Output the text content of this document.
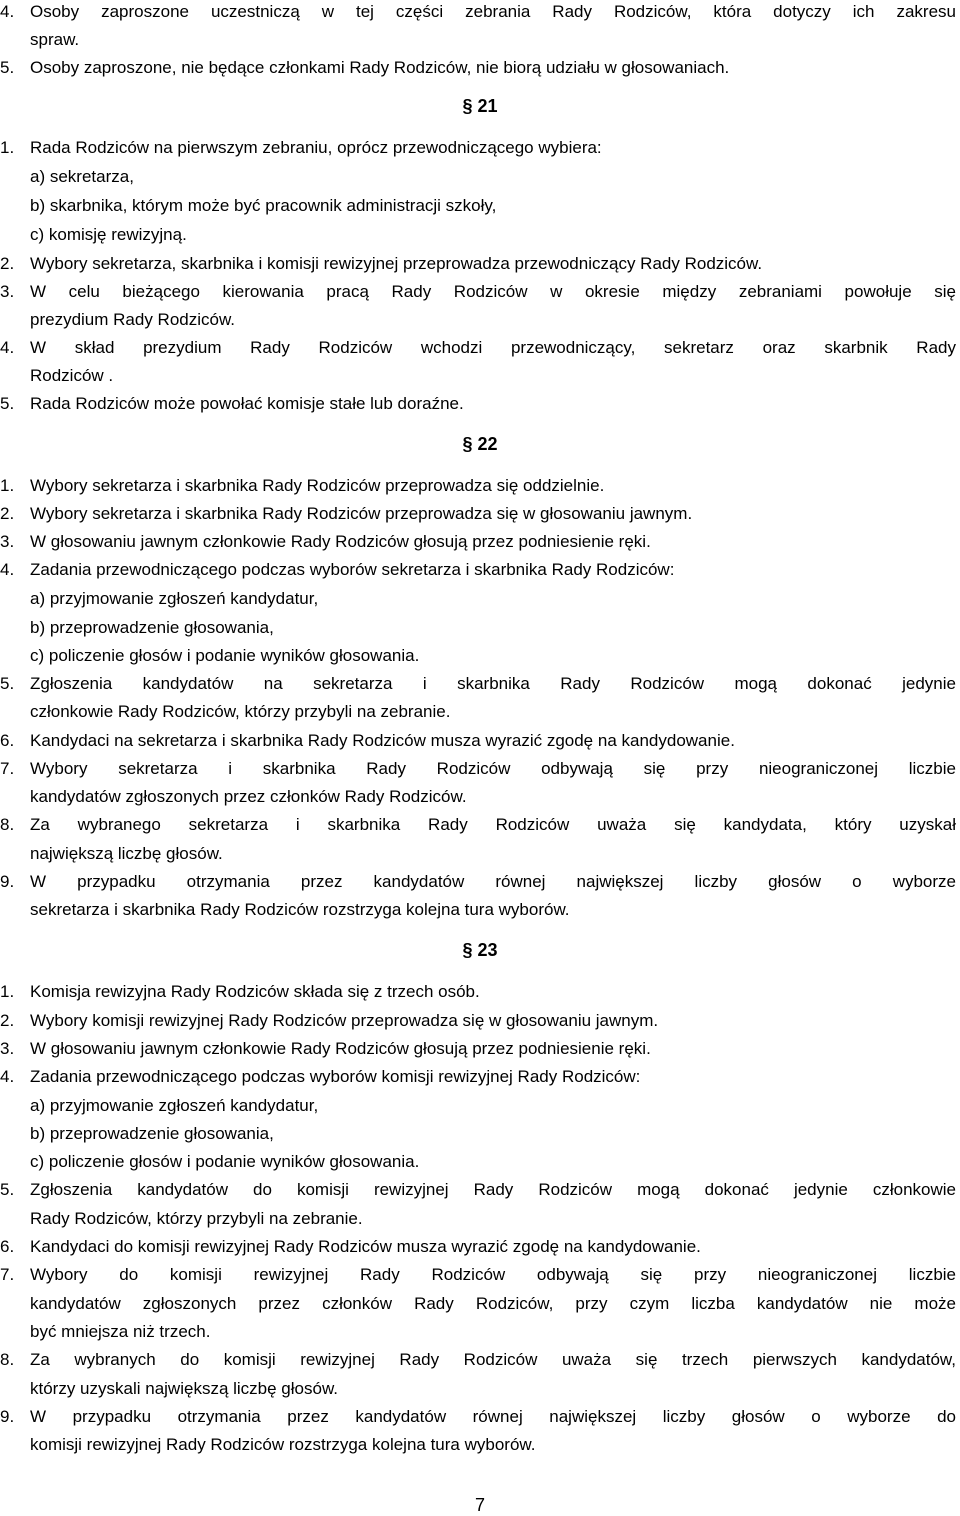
4. Osoby zaproszone uczestniczą w tej części zebrania Rady Rodziców, która dotyczy ich zakresu
spraw.
5. Osoby zaproszone, nie będące członkami Rady Rodziców, nie biorą udziału w głosowaniach.
§ 21
1. Rada Rodziców na pierwszym zebraniu, oprócz przewodniczącego wybiera:
a) sekretarza,
b) skarbnika, którym może być pracownik administracji szkoły,
c) komisję rewizyjną.
2. Wybory sekretarza, skarbnika i komisji rewizyjnej przeprowadza przewodniczący Rady Rodziców.
3. W celu bieżącego kierowania pracą Rady Rodziców w okresie między zebraniami powołuje się
prezydium Rady Rodziców.
4. W skład prezydium Rady Rodziców wchodzi przewodniczący, sekretarz oraz skarbnik Rady
Rodziców .
5. Rada Rodziców może powołać komisje stałe lub doraźne.
§ 22
1. Wybory sekretarza i skarbnika Rady Rodziców przeprowadza się oddzielnie.
2. Wybory sekretarza i skarbnika Rady Rodziców przeprowadza się w głosowaniu jawnym.
3. W głosowaniu jawnym członkowie Rady Rodziców głosują przez podniesienie ręki.
4. Zadania przewodniczącego podczas wyborów sekretarza i skarbnika Rady Rodziców:
a) przyjmowanie zgłoszeń kandydatur,
b) przeprowadzenie głosowania,
c) policzenie głosów i podanie wyników głosowania.
5. Zgłoszenia kandydatów na sekretarza i skarbnika Rady Rodziców mogą dokonać jedynie
członkowie Rady Rodziców, którzy przybyli na zebranie.
6. Kandydaci na sekretarza i skarbnika Rady Rodziców musza wyrazić zgodę na kandydowanie.
7. Wybory sekretarza i skarbnika Rady Rodziców odbywają się przy nieograniczonej liczbie
kandydatów zgłoszonych przez członków Rady Rodziców.
8. Za wybranego sekretarza i skarbnika Rady Rodziców uważa się kandydata, który uzyskał
największą liczbę głosów.
9. W przypadku otrzymania przez kandydatów równej największej liczby głosów o wyborze
sekretarza i skarbnika Rady Rodziców rozstrzyga kolejna tura wyborów.
§ 23
1. Komisja rewizyjna Rady Rodziców składa się z trzech osób.
2. Wybory komisji rewizyjnej Rady Rodziców przeprowadza się w głosowaniu jawnym.
3. W głosowaniu jawnym członkowie Rady Rodziców głosują przez podniesienie ręki.
4. Zadania przewodniczącego podczas wyborów komisji rewizyjnej Rady Rodziców:
a) przyjmowanie zgłoszeń kandydatur,
b) przeprowadzenie głosowania,
c) policzenie głosów i podanie wyników głosowania.
5. Zgłoszenia kandydatów do komisji rewizyjnej Rady Rodziców mogą dokonać jedynie członkowie
Rady Rodziców, którzy przybyli na zebranie.
6. Kandydaci do komisji rewizyjnej Rady Rodziców musza wyrazić zgodę na kandydowanie.
7. Wybory do komisji rewizyjnej Rady Rodziców odbywają się przy nieograniczonej liczbie
kandydatów zgłoszonych przez członków Rady Rodziców, przy czym liczba kandydatów nie może
być mniejsza niż trzech.
8. Za wybranych do komisji rewizyjnej Rady Rodziców uważa się trzech pierwszych kandydatów,
którzy uzyskali największą liczbę głosów.
9. W przypadku otrzymania przez kandydatów równej największej liczby głosów o wyborze do
komisji rewizyjnej Rady Rodziców rozstrzyga kolejna tura wyborów.
7
